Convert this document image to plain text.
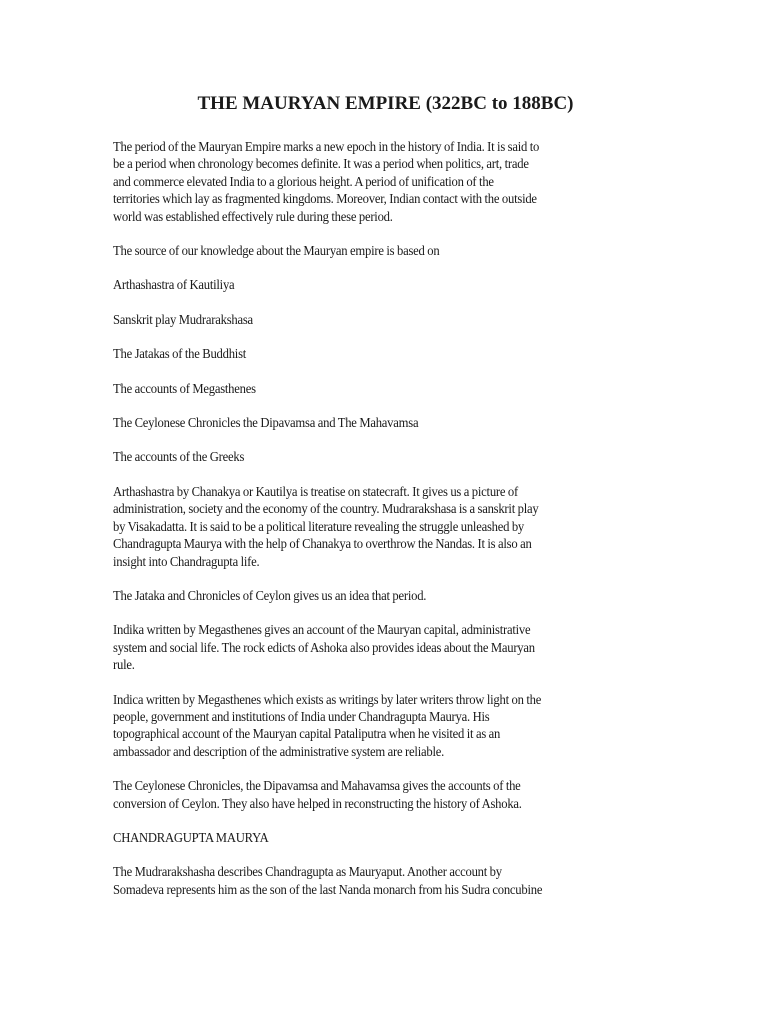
THE MAURYAN EMPIRE (322BC to 188BC)

The period of the Mauryan Empire marks a new epoch in the history of India. It is said to
be a period when chronology becomes definite. It was a period when politics, art, trade
and commerce elevated India to a glorious height. A period of unification of the
territories which lay as fragmented kingdoms. Moreover, Indian contact with the outside
world was established effectively rule during these period.

The source of our knowledge about the Mauryan empire is based on

Arthashastra of Kautiliya

Sanskrit play Mudrarakshasa

The Jatakas of the Buddhist

The accounts of Megasthenes

The Ceylonese Chronicles the Dipavamsa and The Mahavamsa

The accounts of the Greeks

Arthashastra by Chanakya or Kautilya is treatise on statecraft. It gives us a picture of
administration, society and the economy of the country. Mudrarakshasa is a sanskrit play
by Visakadatta. It is said to be a political literature revealing the struggle unleashed by
Chandragupta Maurya with the help of Chanakya to overthrow the Nandas. It is also an
insight into Chandragupta life.

The Jataka and Chronicles of Ceylon gives us an idea that period.

Indika written by Megasthenes gives an account of the Mauryan capital, administrative
system and social life. The rock edicts of Ashoka also provides ideas about the Mauryan
rule.

Indica written by Megasthenes which exists as writings by later writers throw light on the
people, government and institutions of India under Chandragupta Maurya. His
topographical account of the Mauryan capital Pataliputra when he visited it as an
ambassador and description of the administrative system are reliable.

The Ceylonese Chronicles, the Dipavamsa and Mahavamsa gives the accounts of the
conversion of Ceylon. They also have helped in reconstructing the history of Ashoka.

CHANDRAGUPTA MAURYA

The Mudrarakshasha describes Chandragupta as Mauryaput. Another account by
Somadeva represents him as the son of the last Nanda monarch from his Sudra concubine
